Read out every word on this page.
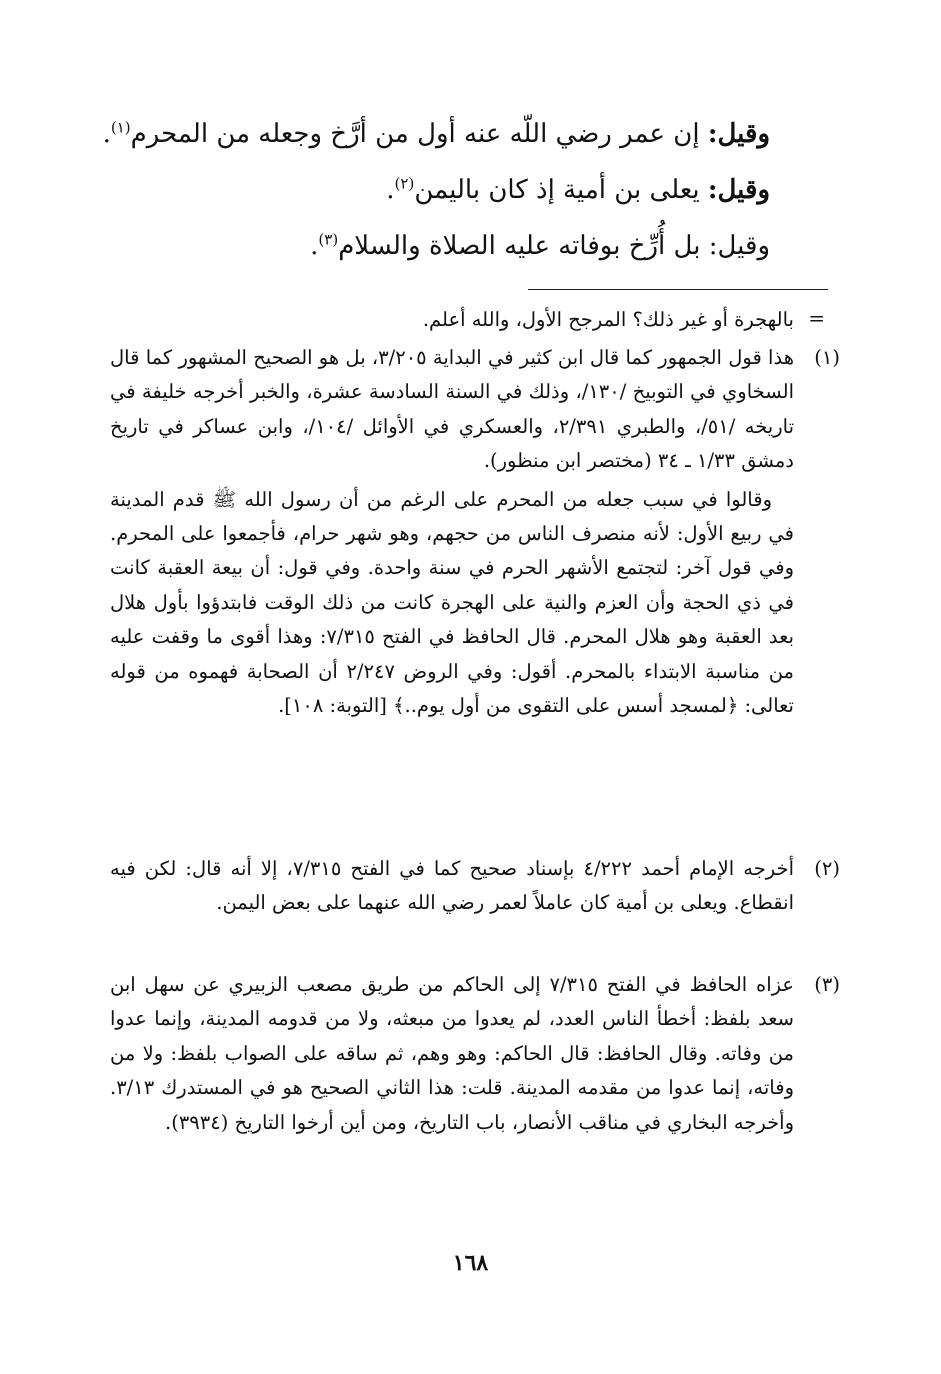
وقيل: إن عمر رضي اللّه عنه أول من أرَّخ وجعله من المحرم$^{(١)}$.
وقيل: يعلى بن أمية إذ كان باليمن$^{(٢)}$.
وقيل: بل أُرِّخ بوفاته عليه الصلاة والسلام$^{(٣)}$.
=
بالهجرة أو غير ذلك؟ المرجح الأول، والله أعلم.
(١)
هذا قول الجمهور كما قال ابن كثير في البداية ٣/٢٠٥، بل هو الصحيح المشهور كما قال السخاوي في التوبيخ /١٣٠/، وذلك في السنة السادسة عشرة، والخبر أخرجه خليفة في تاريخه /٥١/، والطبري ٢/٣٩١، والعسكري في الأوائل /١٠٤/، وابن عساكر في تاريخ دمشق ١/٣٣ ـ ٣٤ (مختصر ابن منظور).
وقالوا في سبب جعله من المحرم على الرغم من أن رسول الله ﷺ قدم المدينة في ربيع الأول: لأنه منصرف الناس من حجهم، وهو شهر حرام، فأجمعوا على المحرم. وفي قول آخر: لتجتمع الأشهر الحرم في سنة واحدة. وفي قول: أن بيعة العقبة كانت في ذي الحجة وأن العزم والنية على الهجرة كانت من ذلك الوقت فابتدؤوا بأول هلال بعد العقبة وهو هلال المحرم. قال الحافظ في الفتح ٧/٣١٥: وهذا أقوى ما وقفت عليه من مناسبة الابتداء بالمحرم. أقول: وفي الروض ٢/٢٤٧ أن الصحابة فهموه من قوله تعالى: ﴿لمسجد أسس على التقوى من أول يوم..﴾ [التوبة: ١٠٨].
(٢)
أخرجه الإمام أحمد ٤/٢٢٢ بإسناد صحيح كما في الفتح ٧/٣١٥، إلا أنه قال: لكن فيه انقطاع. ويعلى بن أمية كان عاملاً لعمر رضي الله عنهما على بعض اليمن.
(٣)
عزاه الحافظ في الفتح ٧/٣١٥ إلى الحاكم من طريق مصعب الزبيري عن سهل ابن سعد بلفظ: أخطأ الناس العدد، لم يعدوا من مبعثه، ولا من قدومه المدينة، وإنما عدوا من وفاته. وقال الحافظ: قال الحاكم: وهو وهم، ثم ساقه على الصواب بلفظ: ولا من وفاته، إنما عدوا من مقدمه المدينة. قلت: هذا الثاني الصحيح هو في المستدرك ٣/١٣. وأخرجه البخاري في مناقب الأنصار، باب التاريخ، ومن أين أرخوا التاريخ (٣٩٣٤).
١٦٨
